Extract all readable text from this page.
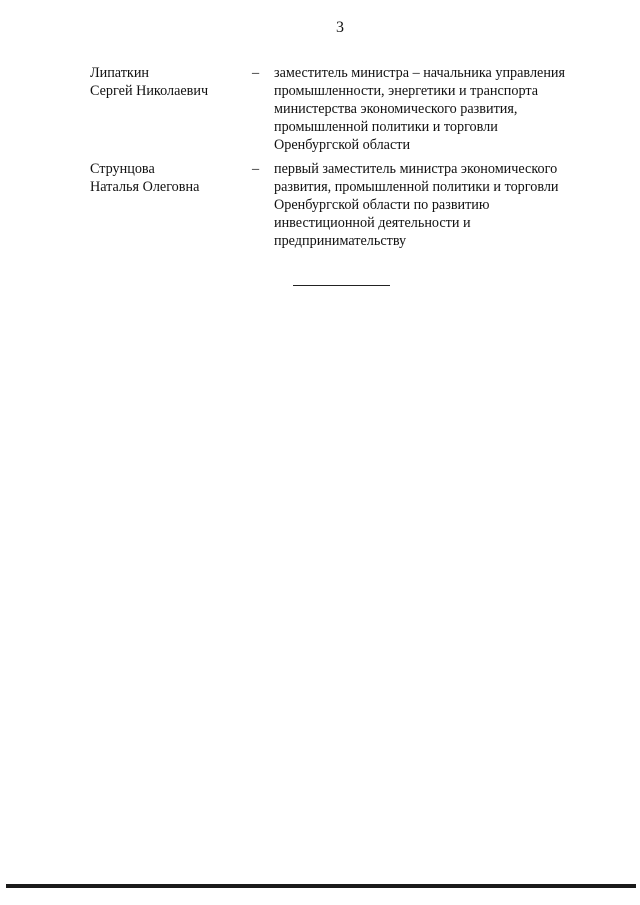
3
Липаткин
Сергей Николаевич
–	заместитель министра – начальника управления
промышленности, энергетики и транспорта
министерства экономического развития,
промышленной политики и торговли
Оренбургской области
Струнцова
Наталья Олеговна
–	первый заместитель министра экономического
развития, промышленной политики и торговли
Оренбургской области по развитию
инвестиционной деятельности и
предпринимательству
